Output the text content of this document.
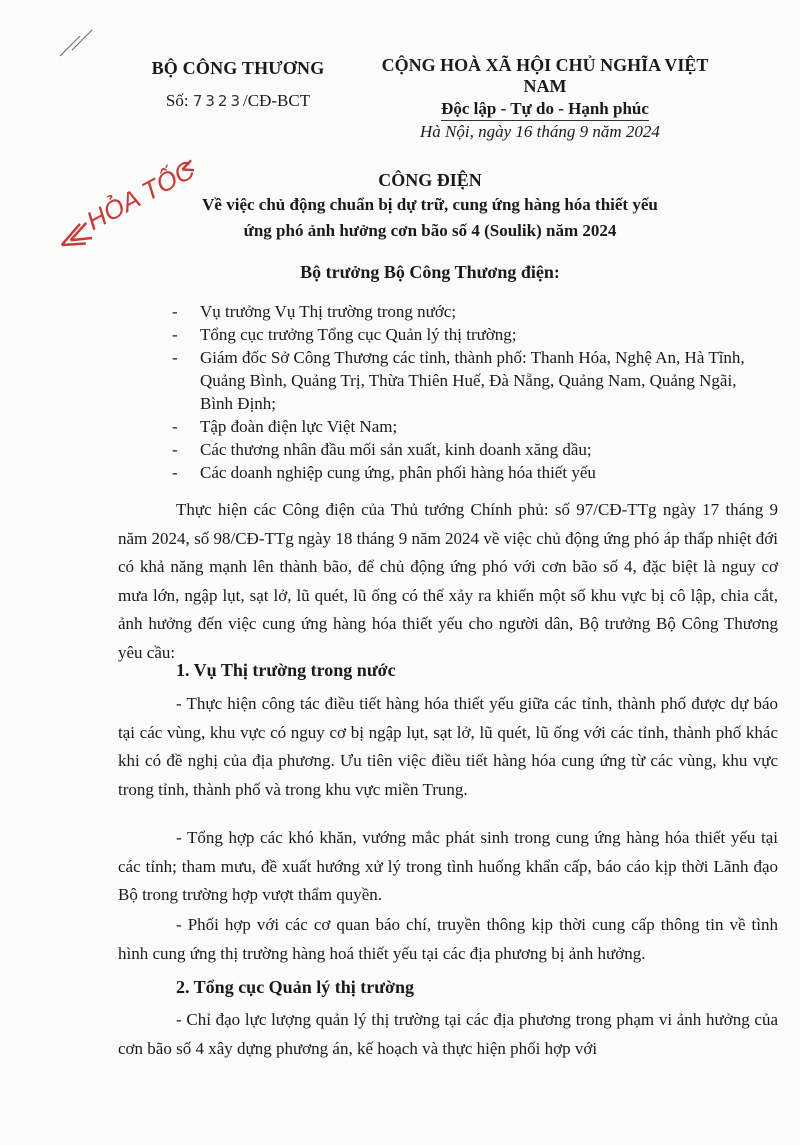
BỘ CÔNG THƯƠNG
Số: 7323/CĐ-BCT
CỘNG HOÀ XÃ HỘI CHỦ NGHĨA VIỆT NAM
Độc lập - Tự do - Hạnh phúc
Hà Nội, ngày 16 tháng 9 năm 2024
HỎA TỐC	CÔNG ĐIỆN
Về việc chủ động chuẩn bị dự trữ, cung ứng hàng hóa thiết yếu
ứng phó ảnh hưởng cơn bão số 4 (Soulik) năm 2024
Bộ trưởng Bộ Công Thương điện:
- Vụ trưởng Vụ Thị trường trong nước;
- Tổng cục trưởng Tổng cục Quản lý thị trường;
- Giám đốc Sở Công Thương các tỉnh, thành phố: Thanh Hóa, Nghệ An, Hà Tĩnh, Quảng Bình, Quảng Trị, Thừa Thiên Huế, Đà Nẵng, Quảng Nam, Quảng Ngãi, Bình Định;
- Tập đoàn điện lực Việt Nam;
- Các thương nhân đầu mối sản xuất, kinh doanh xăng dầu;
- Các doanh nghiệp cung ứng, phân phối hàng hóa thiết yếu

Thực hiện các Công điện của Thủ tướng Chính phủ: số 97/CĐ-TTg ngày 17 tháng 9 năm 2024, số 98/CĐ-TTg ngày 18 tháng 9 năm 2024 về việc chủ động ứng phó áp thấp nhiệt đới có khả năng mạnh lên thành bão, để chủ động ứng phó với cơn bão số 4, đặc biệt là nguy cơ mưa lớn, ngập lụt, sạt lở, lũ quét, lũ ống có thể xảy ra khiến một số khu vực bị cô lập, chia cắt, ảnh hưởng đến việc cung ứng hàng hóa thiết yếu cho người dân, Bộ trưởng Bộ Công Thương yêu cầu:

1. Vụ Thị trường trong nước

- Thực hiện công tác điều tiết hàng hóa thiết yếu giữa các tỉnh, thành phố được dự báo tại các vùng, khu vực có nguy cơ bị ngập lụt, sạt lở, lũ quét, lũ ống với các tỉnh, thành phố khác khi có đề nghị của địa phương. Ưu tiên việc điều tiết hàng hóa cung ứng từ các vùng, khu vực trong tỉnh, thành phố và trong khu vực miền Trung.

- Tổng hợp các khó khăn, vướng mắc phát sinh trong cung ứng hàng hóa thiết yếu tại các tỉnh; tham mưu, đề xuất hướng xử lý trong tình huống khẩn cấp, báo cáo kịp thời Lãnh đạo Bộ trong trường hợp vượt thẩm quyền.

- Phối hợp với các cơ quan báo chí, truyền thông kịp thời cung cấp thông tin về tình hình cung ứng thị trường hàng hoá thiết yếu tại các địa phương bị ảnh hưởng.

2. Tổng cục Quản lý thị trường

- Chỉ đạo lực lượng quản lý thị trường tại các địa phương trong phạm vi ảnh hưởng của cơn bão số 4 xây dựng phương án, kế hoạch và thực hiện phối hợp với
